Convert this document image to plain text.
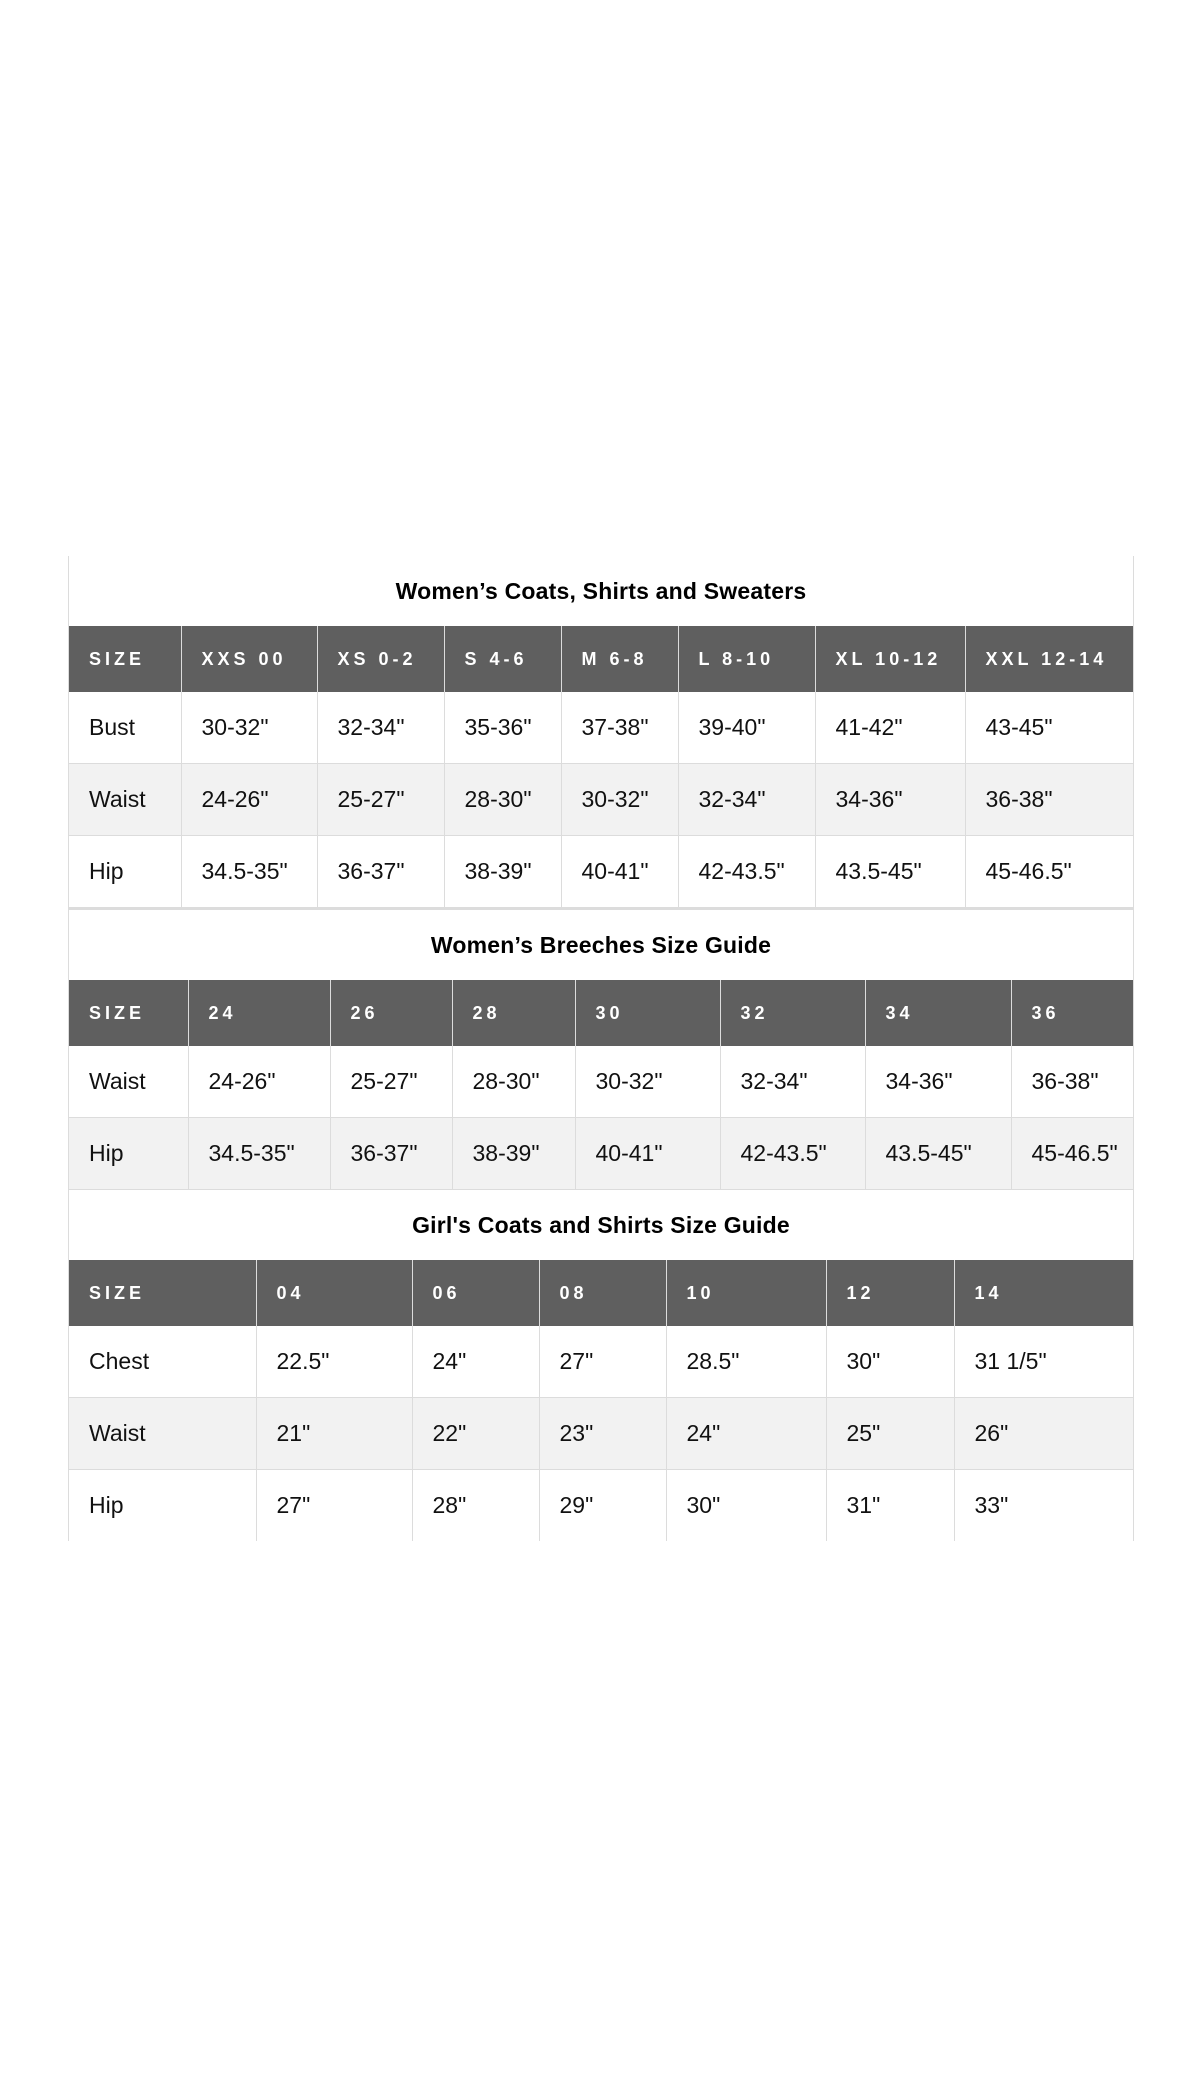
Women’s Coats, Shirts and Sweaters
SIZE	XXS 00	XS 0-2	S 4-6	M 6-8	L 8-10	XL 10-12	XXL 12-14
Bust	30-32"	32-34"	35-36"	37-38"	39-40"	41-42"	43-45"
Waist	24-26"	25-27"	28-30"	30-32"	32-34"	34-36"	36-38"
Hip	34.5-35"	36-37"	38-39"	40-41"	42-43.5"	43.5-45"	45-46.5"
Women’s Breeches Size Guide
SIZE	24	26	28	30	32	34	36
Waist	24-26"	25-27"	28-30"	30-32"	32-34"	34-36"	36-38"
Hip	34.5-35"	36-37"	38-39"	40-41"	42-43.5"	43.5-45"	45-46.5"
Girl's Coats and Shirts Size Guide
SIZE	04	06	08	10	12	14
Chest	22.5"	24"	27"	28.5"	30"	31 1/5"
Waist	21"	22"	23"	24"	25"	26"
Hip	27"	28"	29"	30"	31"	33"
